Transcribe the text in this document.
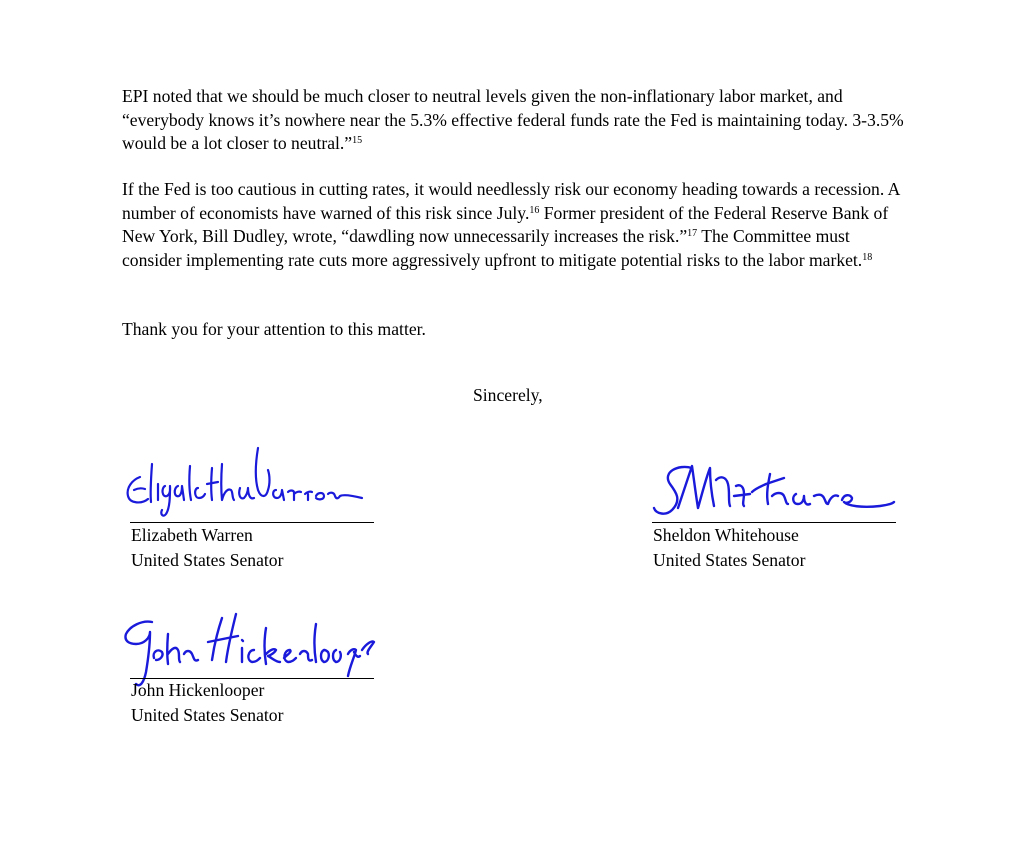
EPI noted that we should be much closer to neutral levels given the non-inflationary labor market, and “everybody knows it’s nowhere near the 5.3% effective federal funds rate the Fed is maintaining today. 3-3.5% would be a lot closer to neutral.”$^{15}$

If the Fed is too cautious in cutting rates, it would needlessly risk our economy heading towards a recession. A number of economists have warned of this risk since July.$^{16}$ Former president of the Federal Reserve Bank of New York, Bill Dudley, wrote, “dawdling now unnecessarily increases the risk.”$^{17}$ The Committee must consider implementing rate cuts more aggressively upfront to mitigate potential risks to the labor market.$^{18}$

Thank you for your attention to this matter.

Sincerely,

Elizabeth Warren

United States Senator

Sheldon Whitehouse

United States Senator

John Hickenlooper

United States Senator
